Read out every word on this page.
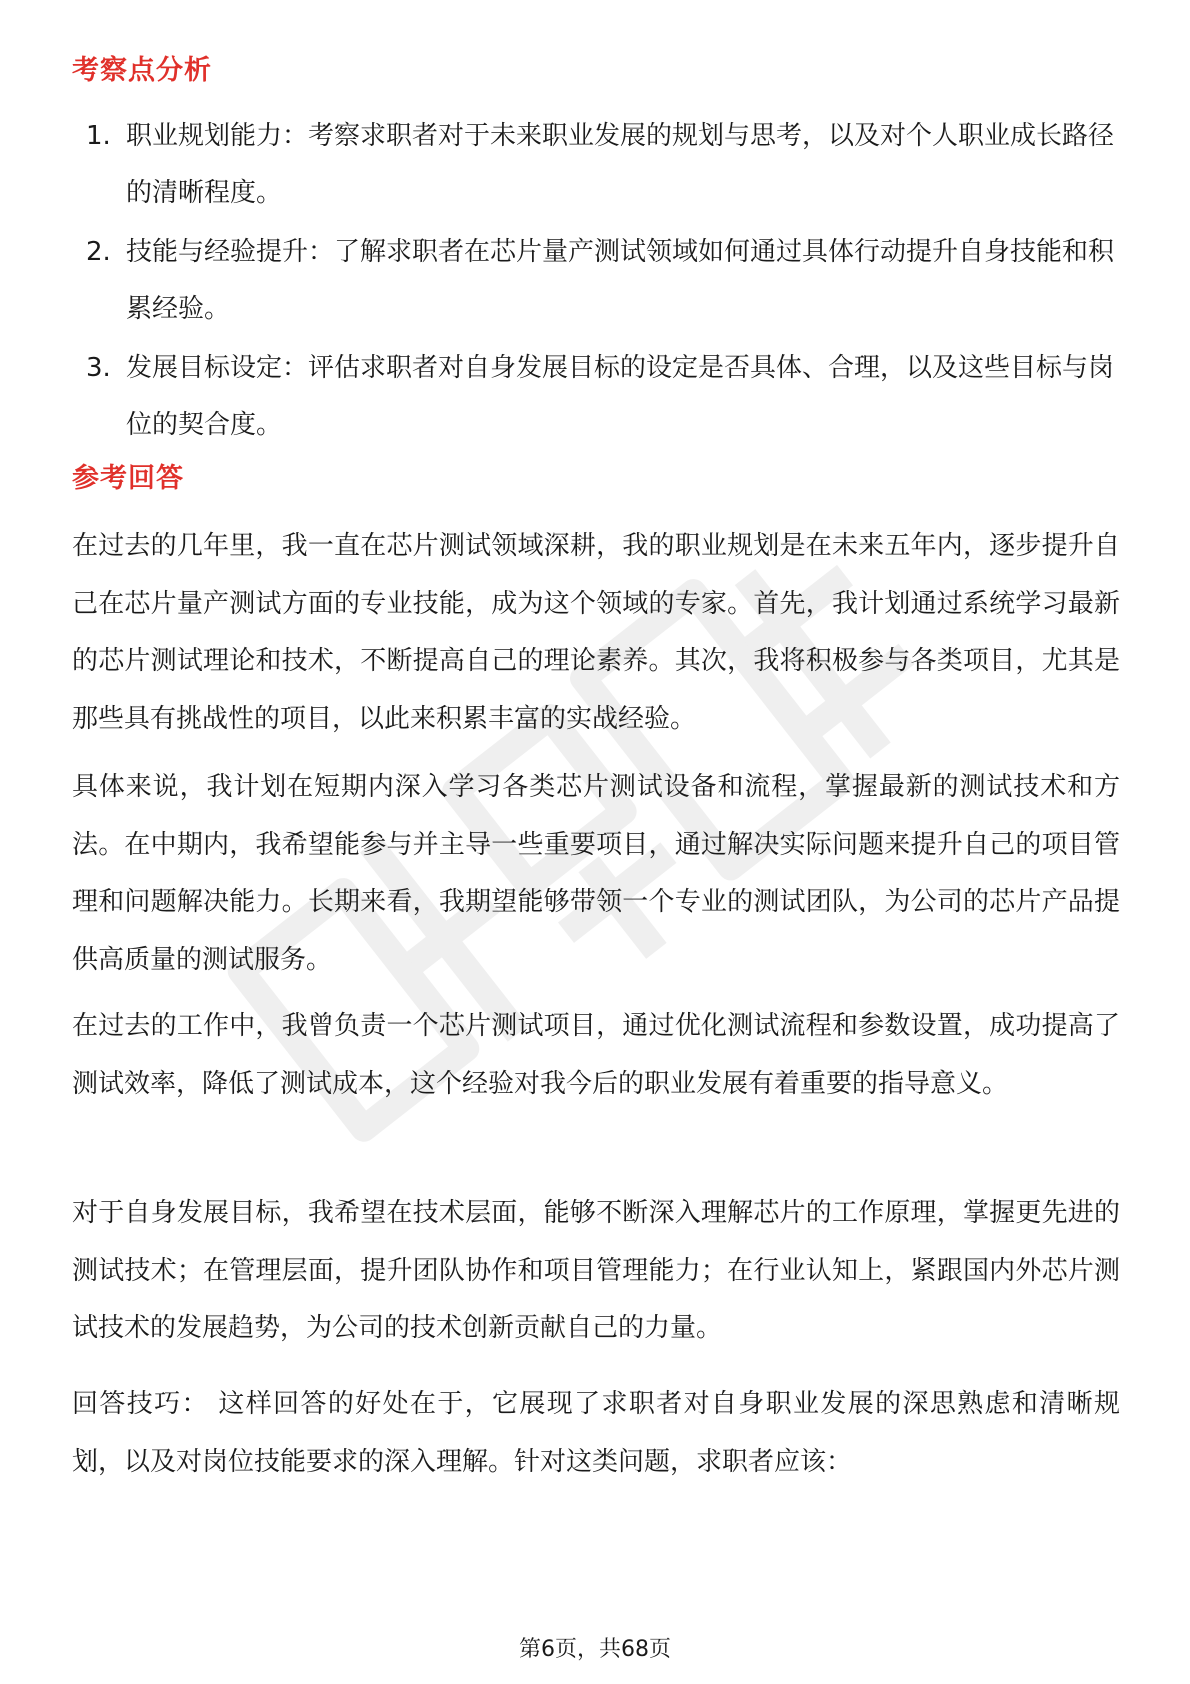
考察点分析
1. 职业规划能力：考察求职者对于未来职业发展的规划与思考，以及对个人职业成长路径的清晰程度。
2. 技能与经验提升：了解求职者在芯片量产测试领域如何通过具体行动提升自身技能和积累经验。
3. 发展目标设定：评估求职者对自身发展目标的设定是否具体、合理，以及这些目标与岗位的契合度。
参考回答

在过去的几年里，我一直在芯片测试领域深耕，我的职业规划是在未来五年内，逐步提升自己在芯片量产测试方面的专业技能，成为这个领域的专家。首先，我计划通过系统学习最新的芯片测试理论和技术，不断提高自己的理论素养。其次，我将积极参与各类项目，尤其是那些具有挑战性的项目，以此来积累丰富的实战经验。

具体来说，我计划在短期内深入学习各类芯片测试设备和流程，掌握最新的测试技术和方法。在中期内，我希望能参与并主导一些重要项目，通过解决实际问题来提升自己的项目管理和问题解决能力。长期来看，我期望能够带领一个专业的测试团队，为公司的芯片产品提供高质量的测试服务。

在过去的工作中，我曾负责一个芯片测试项目，通过优化测试流程和参数设置，成功提高了测试效率，降低了测试成本，这个经验对我今后的职业发展有着重要的指导意义。

对于自身发展目标，我希望在技术层面，能够不断深入理解芯片的工作原理，掌握更先进的测试技术；在管理层面，提升团队协作和项目管理能力；在行业认知上，紧跟国内外芯片测试技术的发展趋势，为公司的技术创新贡献自己的力量。

回答技巧： 这样回答的好处在于，它展现了求职者对自身职业发展的深思熟虑和清晰规划，以及对岗位技能要求的深入理解。针对这类问题，求职者应该：

第6页，共68页
